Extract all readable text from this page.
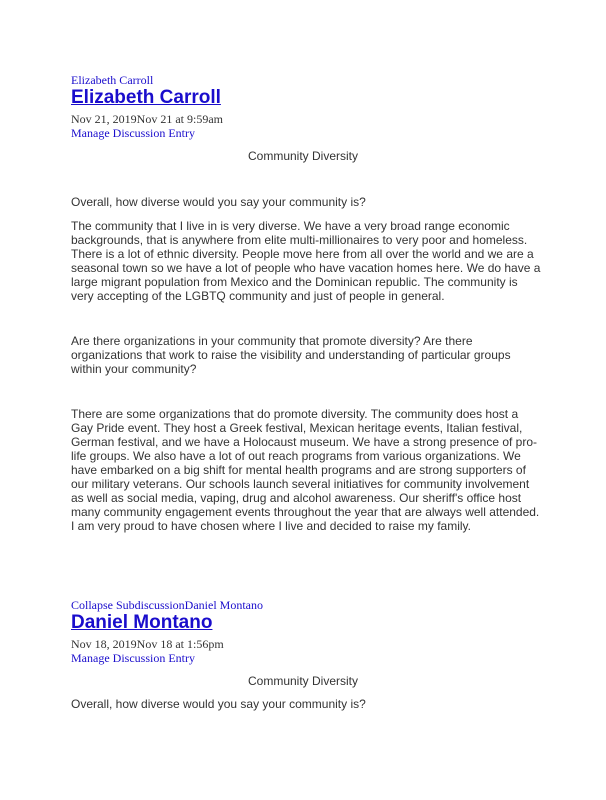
Elizabeth Carroll
Elizabeth Carroll
Nov 21, 2019Nov 21 at 9:59am
Manage Discussion Entry
Community Diversity

Overall, how diverse would you say your community is?

The community that I live in is very diverse. We have a very broad range economic backgrounds, that is anywhere from elite multi-millionaires to very poor and homeless. There is a lot of ethnic diversity. People move here from all over the world and we are a seasonal town so we have a lot of people who have vacation homes here. We do have a large migrant population from Mexico and the Dominican republic. The community is very accepting of the LGBTQ community and just of people in general.

Are there organizations in your community that promote diversity? Are there organizations that work to raise the visibility and understanding of particular groups within your community?

There are some organizations that do promote diversity. The community does host a Gay Pride event. They host a Greek festival, Mexican heritage events, Italian festival, German festival, and we have a Holocaust museum. We have a strong presence of pro-life groups. We also have a lot of out reach programs from various organizations. We have embarked on a big shift for mental health programs and are strong supporters of our military veterans. Our schools launch several initiatives for community involvement as well as social media, vaping, drug and alcohol awareness. Our sheriff's office host many community engagement events throughout the year that are always well attended. I am very proud to have chosen where I live and decided to raise my family.

Collapse SubdiscussionDaniel Montano
Daniel Montano
Nov 18, 2019Nov 18 at 1:56pm
Manage Discussion Entry
Community Diversity

Overall, how diverse would you say your community is?
